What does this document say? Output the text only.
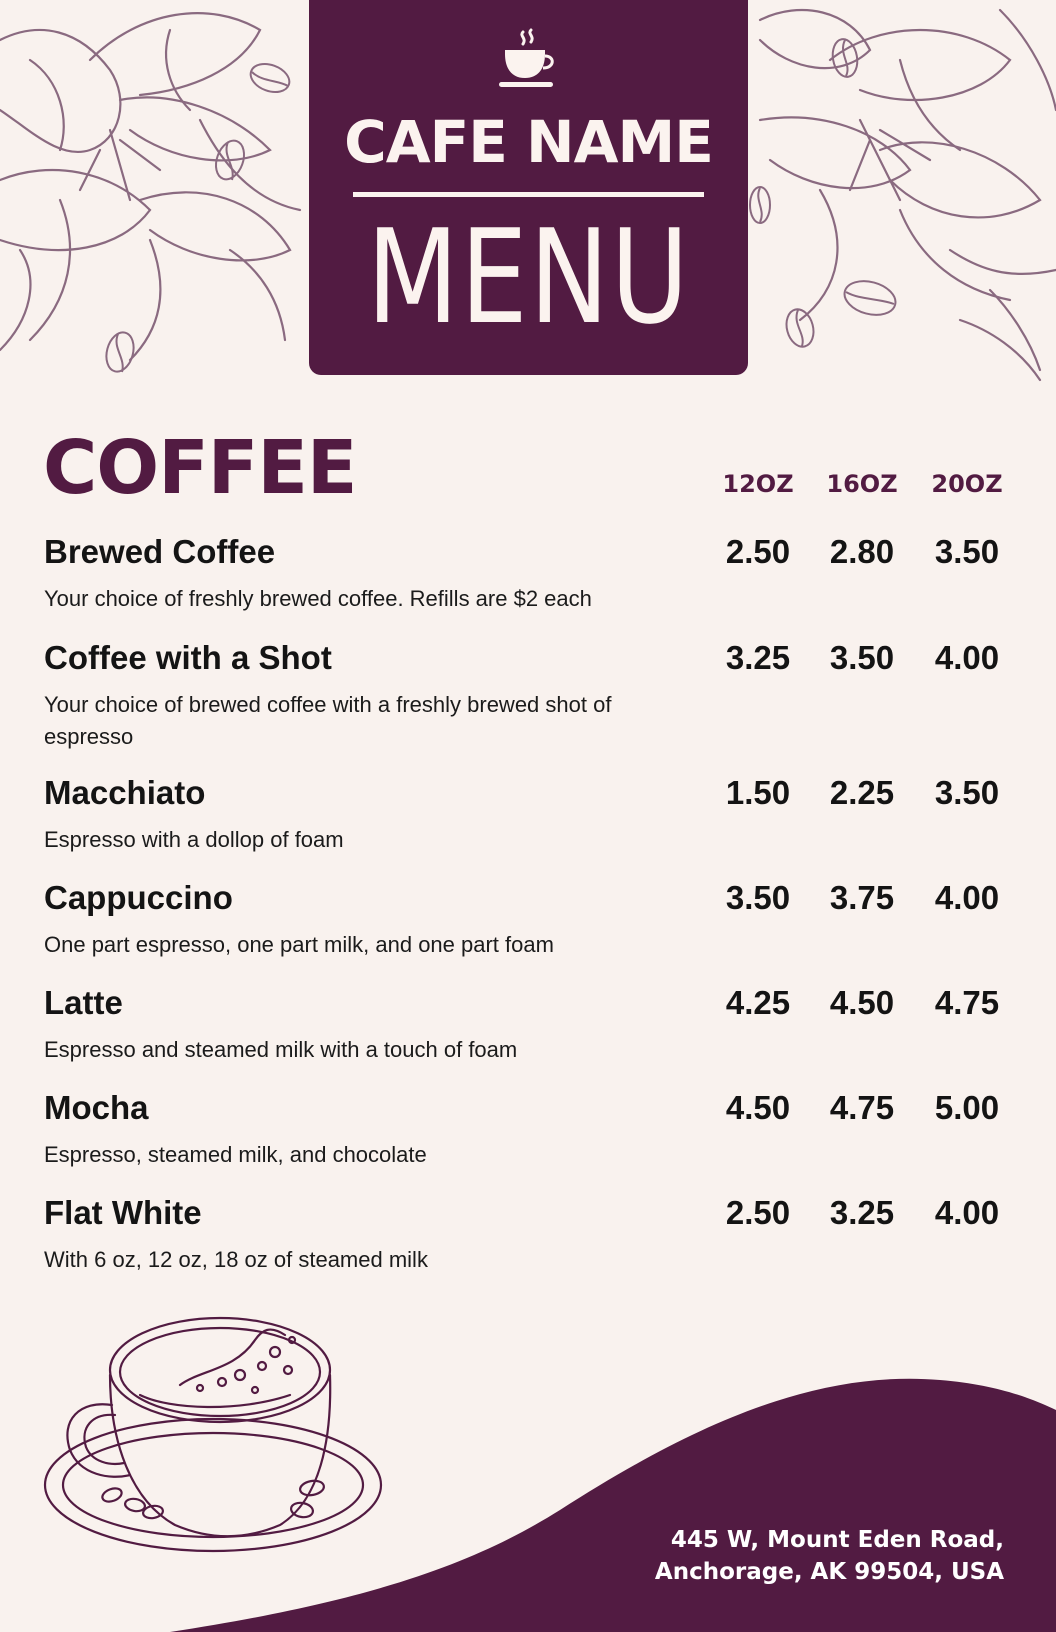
CAFE NAME
MENU
COFFEE	12OZ	16OZ	20OZ
Brewed Coffee
Your choice of freshly brewed coffee. Refills are $2 each
2.50	2.80	3.50
Coffee with a Shot
Your choice of brewed coffee with a freshly brewed shot of espresso
3.25	3.50	4.00
Macchiato
Espresso with a dollop of foam
1.50	2.25	3.50
Cappuccino
One part espresso, one part milk, and one part foam
3.50	3.75	4.00
Latte
Espresso and steamed milk with a touch of foam
4.25	4.50	4.75
Mocha
Espresso, steamed milk, and chocolate
4.50	4.75	5.00
Flat White
With 6 oz, 12 oz, 18 oz of steamed milk
2.50	3.25	4.00
445 W, Mount Eden Road,
Anchorage, AK 99504, USA
